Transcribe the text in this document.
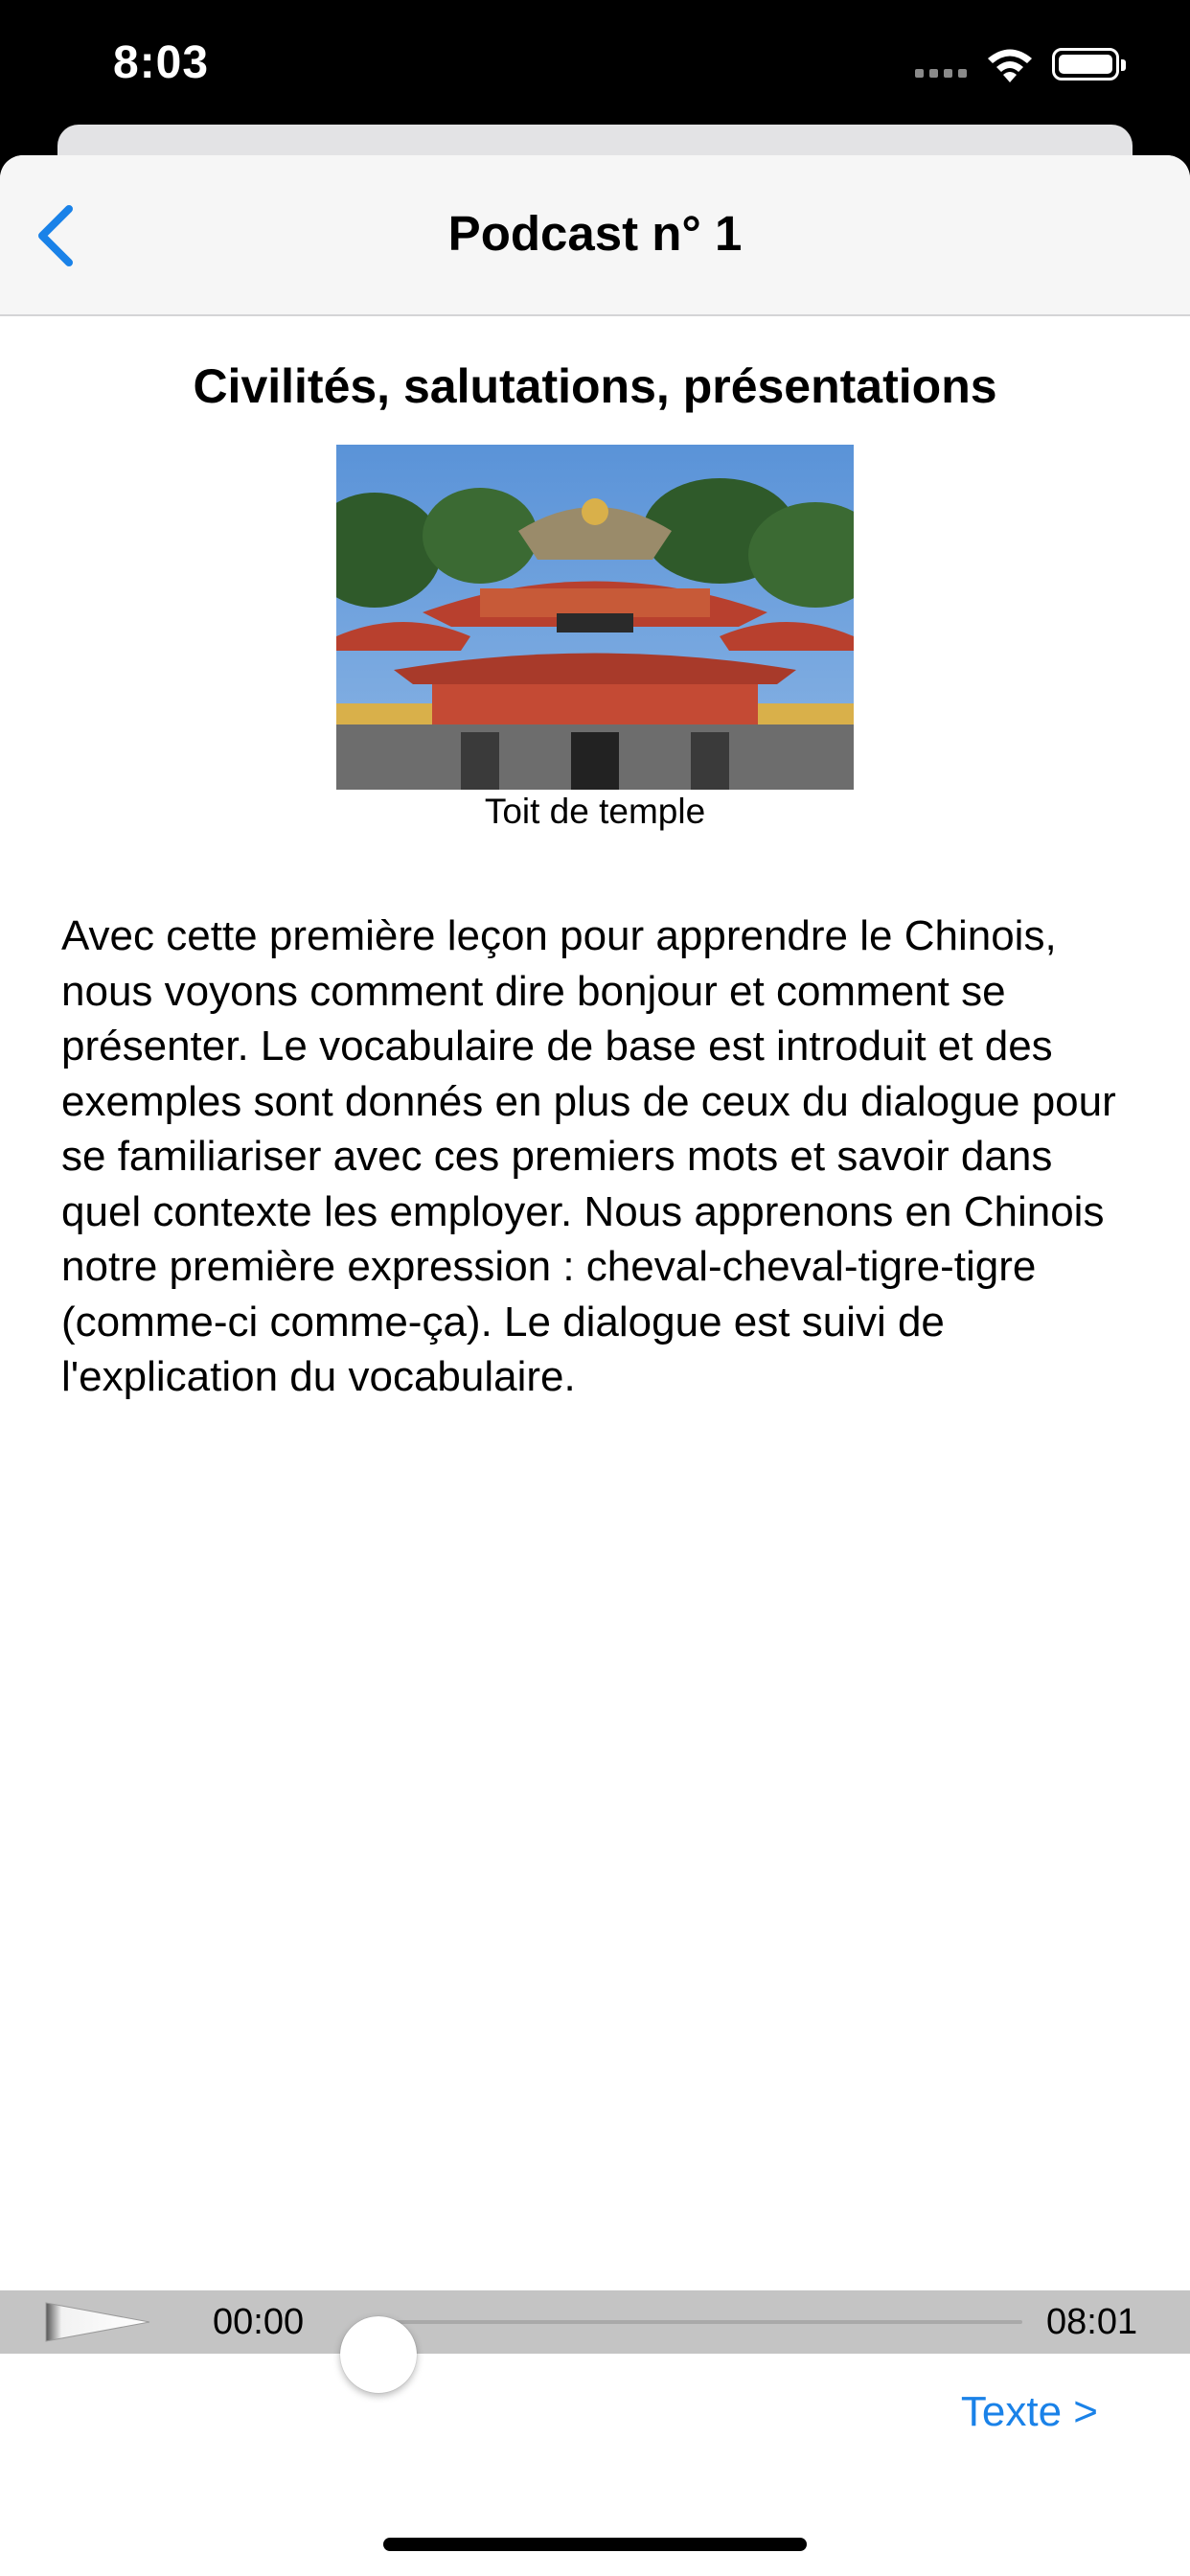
8:03
Podcast n° 1
Civilités, salutations, présentations
Toit de temple

Avec cette première leçon pour apprendre le Chinois, nous voyons comment dire bonjour et comment se présenter. Le vocabulaire de base est introduit et des exemples sont donnés en plus de ceux du dialogue pour se familiariser avec ces premiers mots et savoir dans quel contexte les employer. Nous apprenons en Chinois notre première expression : cheval-cheval-tigre-tigre (comme-ci comme-ça). Le dialogue est suivi de l'explication du vocabulaire.

00:00	08:01
Texte >
